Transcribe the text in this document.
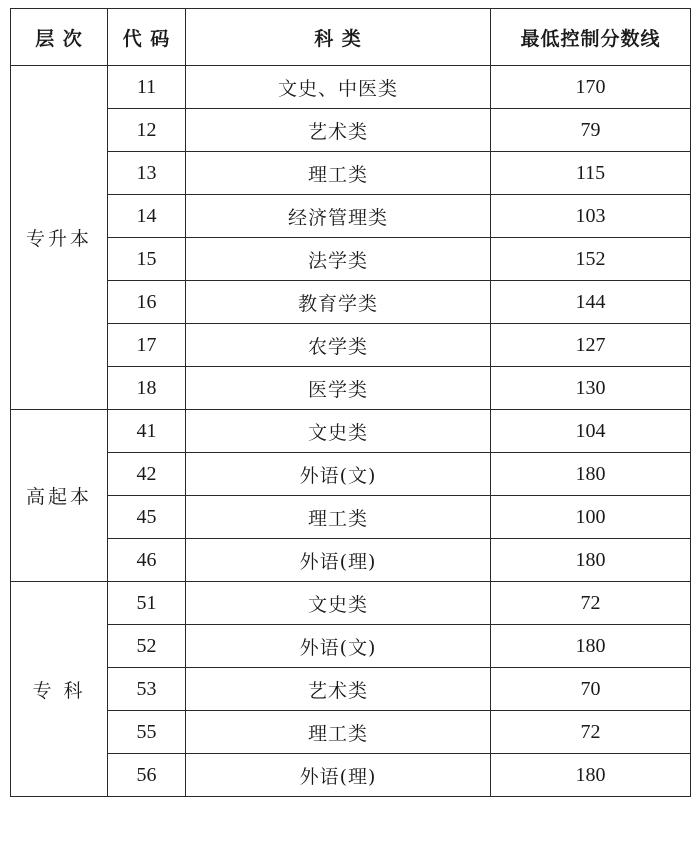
层 次	代 码	科 类	最低控制分数线
专升本	11	文史、中医类	170
	12	艺术类	79
	13	理工类	115
	14	经济管理类	103
	15	法学类	152
	16	教育学类	144
	17	农学类	127
	18	医学类	130
高起本	41	文史类	104
	42	外语(文)	180
	45	理工类	100
	46	外语(理)	180
专 科	51	文史类	72
	52	外语(文)	180
	53	艺术类	70
	55	理工类	72
	56	外语(理)	180
